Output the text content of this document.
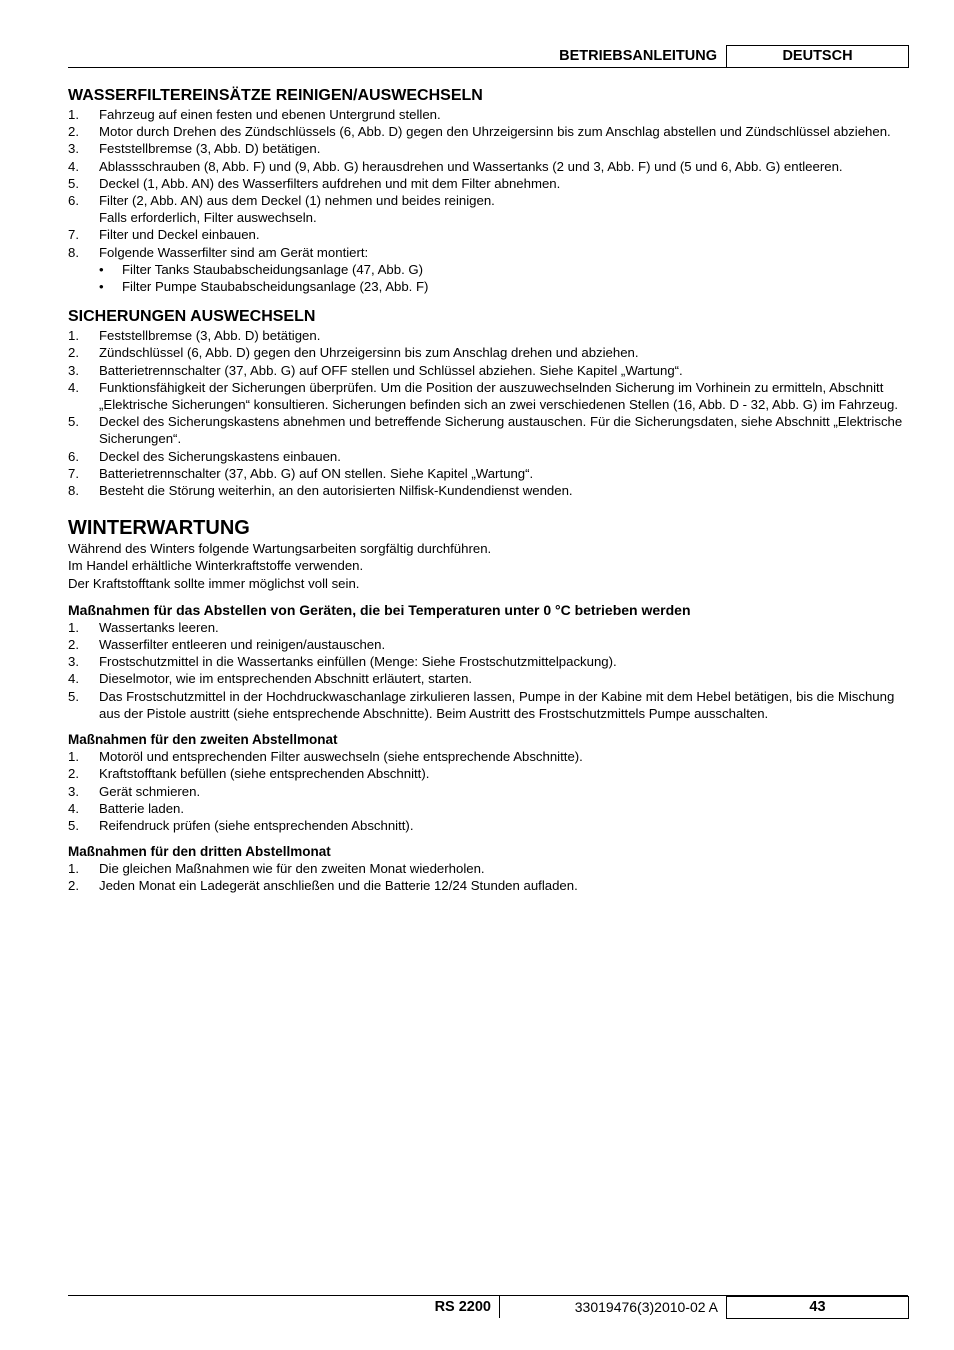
BETRIEBSANLEITUNG	DEUTSCH
WASSERFILTEREINSÄTZE REINIGEN/AUSWECHSELN
1.	Fahrzeug auf einen festen und ebenen Untergrund stellen.
2.	Motor durch Drehen des Zündschlüssels (6, Abb. D) gegen den Uhrzeigersinn bis zum Anschlag abstellen und Zündschlüssel abziehen.
3.	Feststellbremse (3, Abb. D) betätigen.
4.	Ablassschrauben (8, Abb. F) und (9, Abb. G) herausdrehen und Wassertanks (2 und 3, Abb. F) und (5 und 6, Abb. G) entleeren.
5.	Deckel (1, Abb. AN) des Wasserfilters aufdrehen und mit dem Filter abnehmen.
6.	Filter (2, Abb. AN) aus dem Deckel (1) nehmen und beides reinigen.
Falls erforderlich, Filter auswechseln.
7.	Filter und Deckel einbauen.
8.	Folgende Wasserfilter sind am Gerät montiert:
•	Filter Tanks Staubabscheidungsanlage (47, Abb. G)
•	Filter Pumpe Staubabscheidungsanlage (23, Abb. F)
SICHERUNGEN AUSWECHSELN
1.	Feststellbremse (3, Abb. D) betätigen.
2.	Zündschlüssel (6, Abb. D) gegen den Uhrzeigersinn bis zum Anschlag drehen und abziehen.
3.	Batterietrennschalter (37, Abb. G) auf OFF stellen und Schlüssel abziehen. Siehe Kapitel „Wartung“.
4.	Funktionsfähigkeit der Sicherungen überprüfen. Um die Position der auszuwechselnden Sicherung im Vorhinein zu ermitteln, Abschnitt „Elektrische Sicherungen“ konsultieren. Sicherungen befinden sich an zwei verschiedenen Stellen (16, Abb. D - 32, Abb. G) im Fahrzeug.
5.	Deckel des Sicherungskastens abnehmen und betreffende Sicherung austauschen. Für die Sicherungsdaten, siehe Abschnitt „Elektrische Sicherungen“.
6.	Deckel des Sicherungskastens einbauen.
7.	Batterietrennschalter (37, Abb. G) auf ON stellen. Siehe Kapitel „Wartung“.
8.	Besteht die Störung weiterhin, an den autorisierten Nilfisk-Kundendienst wenden.
WINTERWARTUNG

Während des Winters folgende Wartungsarbeiten sorgfältig durchführen.

Im Handel erhältliche Winterkraftstoffe verwenden.

Der Kraftstofftank sollte immer möglichst voll sein.

Maßnahmen für das Abstellen von Geräten, die bei Temperaturen unter 0 °C betrieben werden
1.	Wassertanks leeren.
2.	Wasserfilter entleeren und reinigen/austauschen.
3.	Frostschutzmittel in die Wassertanks einfüllen (Menge: Siehe Frostschutzmittelpackung).
4.	Dieselmotor, wie im entsprechenden Abschnitt erläutert, starten.
5.	Das Frostschutzmittel in der Hochdruckwaschanlage zirkulieren lassen, Pumpe in der Kabine mit dem Hebel betätigen, bis die Mischung aus der Pistole austritt (siehe entsprechende Abschnitte). Beim Austritt des Frostschutzmittels Pumpe ausschalten.
Maßnahmen für den zweiten Abstellmonat
1.	Motoröl und entsprechenden Filter auswechseln (siehe entsprechende Abschnitte).
2.	Kraftstofftank befüllen (siehe entsprechenden Abschnitt).
3.	Gerät schmieren.
4.	Batterie laden.
5.	Reifendruck prüfen (siehe entsprechenden Abschnitt).
Maßnahmen für den dritten Abstellmonat
1.	Die gleichen Maßnahmen wie für den zweiten Monat wiederholen.
2.	Jeden Monat ein Ladegerät anschließen und die Batterie 12/24 Stunden aufladen.
RS 2200	33019476(3)2010-02 A	43
